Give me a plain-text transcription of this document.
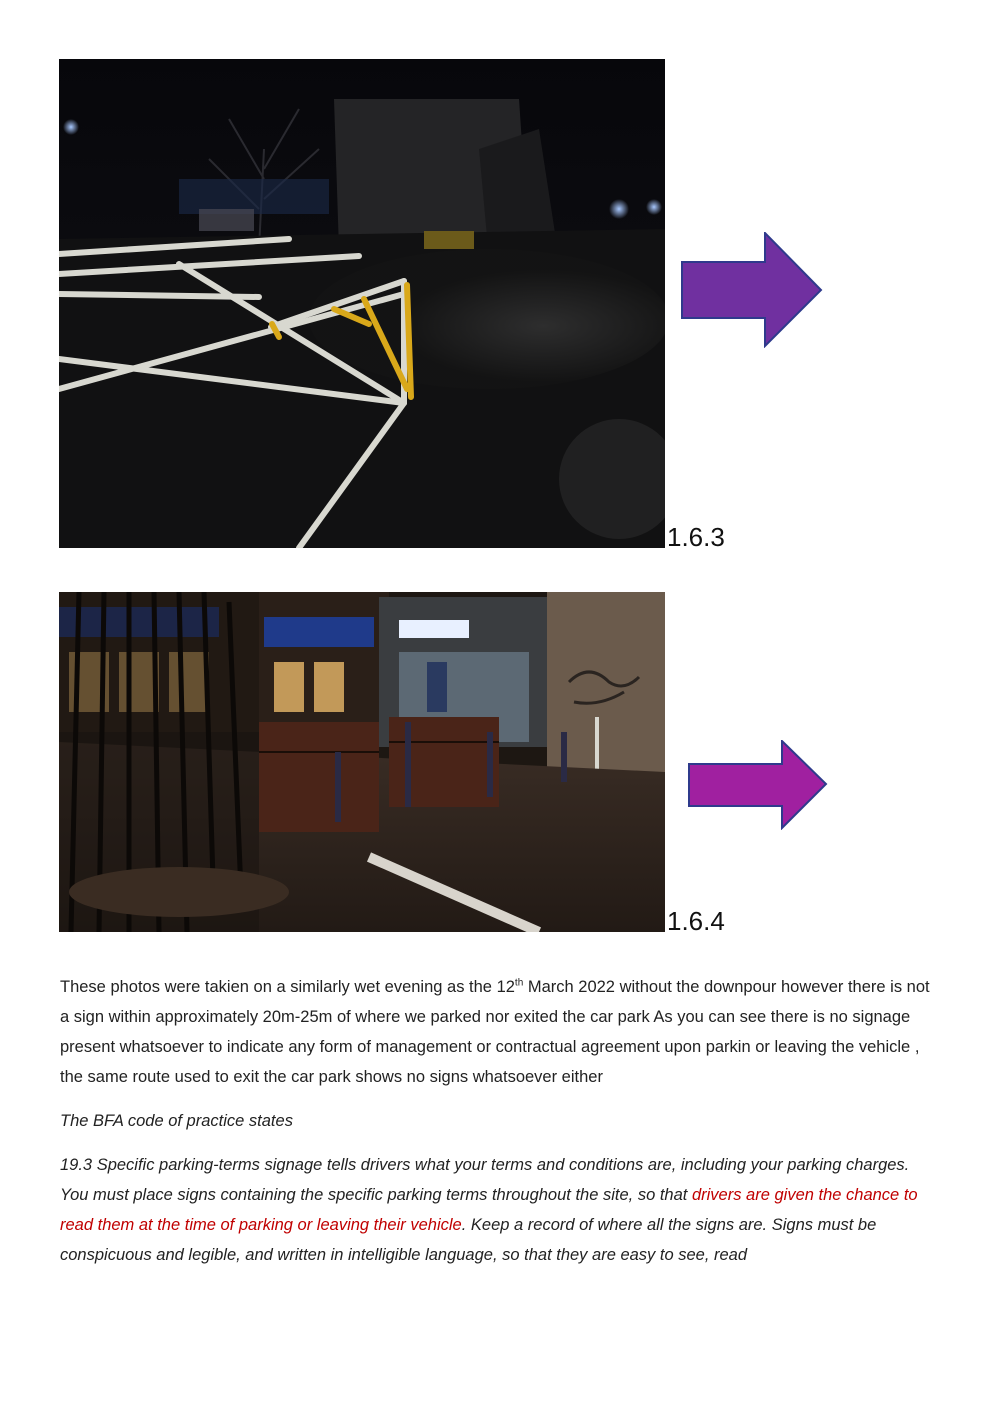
1.6.3
1.6.4
These photos were takien on a similarly wet evening as the 12th March 2022 without the downpour however there is not a sign within approximately 20m-25m of where we parked nor exited the car park As you can see there is no signage present whatsoever to indicate any form of management or contractual agreement upon parkin or leaving the vehicle , the same route used to exit the car park shows no signs whatsoever either
The BFA code of practice states
19.3 Specific parking-terms signage tells drivers what your terms and conditions are, including your parking charges. You must place signs containing the specific parking terms throughout the site, so that drivers are given the chance to read them at the time of parking or leaving their vehicle. Keep a record of where all the signs are. Signs must be conspicuous and legible, and written in intelligible language, so that they are easy to see, read
